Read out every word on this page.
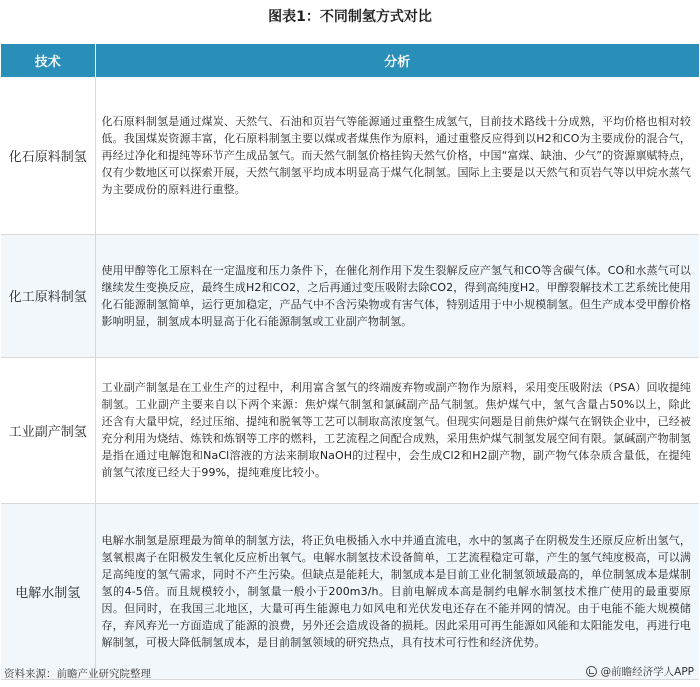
图表1：不同制氢方式对比
技术	分析
化石原料制氢	化石原料制氢是通过煤炭、天然气、石油和页岩气等能源通过重整生成氢气，目前技术路线十分成熟，平均价格也相对较低。我国煤炭资源丰富，化石原料制氢主要以煤或者煤焦作为原料，通过重整反应得到以H2和CO为主要成份的混合气，再经过净化和提纯等环节产生成品氢气。而天然气制氢价格挂钩天然气价格，中国“富煤、缺油、少气”的资源禀赋特点，仅有少数地区可以探索开展，天然气制氢平均成本明显高于煤气化制氢。国际上主要是以天然气和页岩气等以甲烷水蒸气为主要成份的原料进行重整。
化工原料制氢	使用甲醇等化工原料在一定温度和压力条件下，在催化剂作用下发生裂解反应产氢气和CO等含碳气体。CO和水蒸气可以继续发生变换反应，最终生成H2和CO2，之后再通过变压吸附去除CO2，得到高纯度H2。甲醇裂解技术工艺系统比使用化石能源制氢简单，运行更加稳定，产品气中不含污染物或有害气体，特别适用于中小规模制氢。但生产成本受甲醇价格影响明显，制氢成本明显高于化石能源制氢或工业副产物制氢。
工业副产制氢	工业副产制氢是在工业生产的过程中，利用富含氢气的终端废弃物或副产物作为原料，采用变压吸附法（PSA）回收提纯制氢。工业副产主要来自以下两个来源：焦炉煤气制氢和氯碱副产品气制氢。焦炉煤气中，氢气含量占50%以上，除此还含有大量甲烷，经过压缩、提纯和脱氧等工艺可以制取高浓度氢气。但现实问题是目前焦炉煤气在钢铁企业中，已经被充分利用为烧结、炼铁和炼钢等工序的燃料，工艺流程之间配合成熟，采用焦炉煤气制氢发展空间有限。氯碱副产物制氢是指在通过电解饱和NaCl溶液的方法来制取NaOH的过程中，会生成Cl2和H2副产物，副产物气体杂质含量低，在提纯前氢气浓度已经大于99%，提纯难度比较小。
电解水制氢	电解水制氢是原理最为简单的制氢方法，将正负电极插入水中并通直流电，水中的氢离子在阴极发生还原反应析出氢气，氢氧根离子在阳极发生氧化反应析出氧气。电解水制氢技术设备简单，工艺流程稳定可靠，产生的氢气纯度极高，可以满足高纯度的氢气需求，同时不产生污染。但缺点是能耗大，制氢成本是目前工业化制氢领域最高的，单位制氢成本是煤制氢的4-5倍。而且规模较小，制氢量一般小于200m3/h。目前电解成本高是制约电解水制氢技术推广使用的最重要原因。但同时，在我国三北地区，大量可再生能源电力如风电和光伏发电还存在不能并网的情况。由于电能不能大规模储存，弃风弃光一方面造成了能源的浪费，另外还会造成设备的损耗。因此采用可再生能源如风能和太阳能发电，再进行电解制氢，可极大降低制氢成本，是目前制氢领域的研究热点，具有技术可行性和经济优势。
资料来源：前瞻产业研究院整理	@前瞻经济学人APP
